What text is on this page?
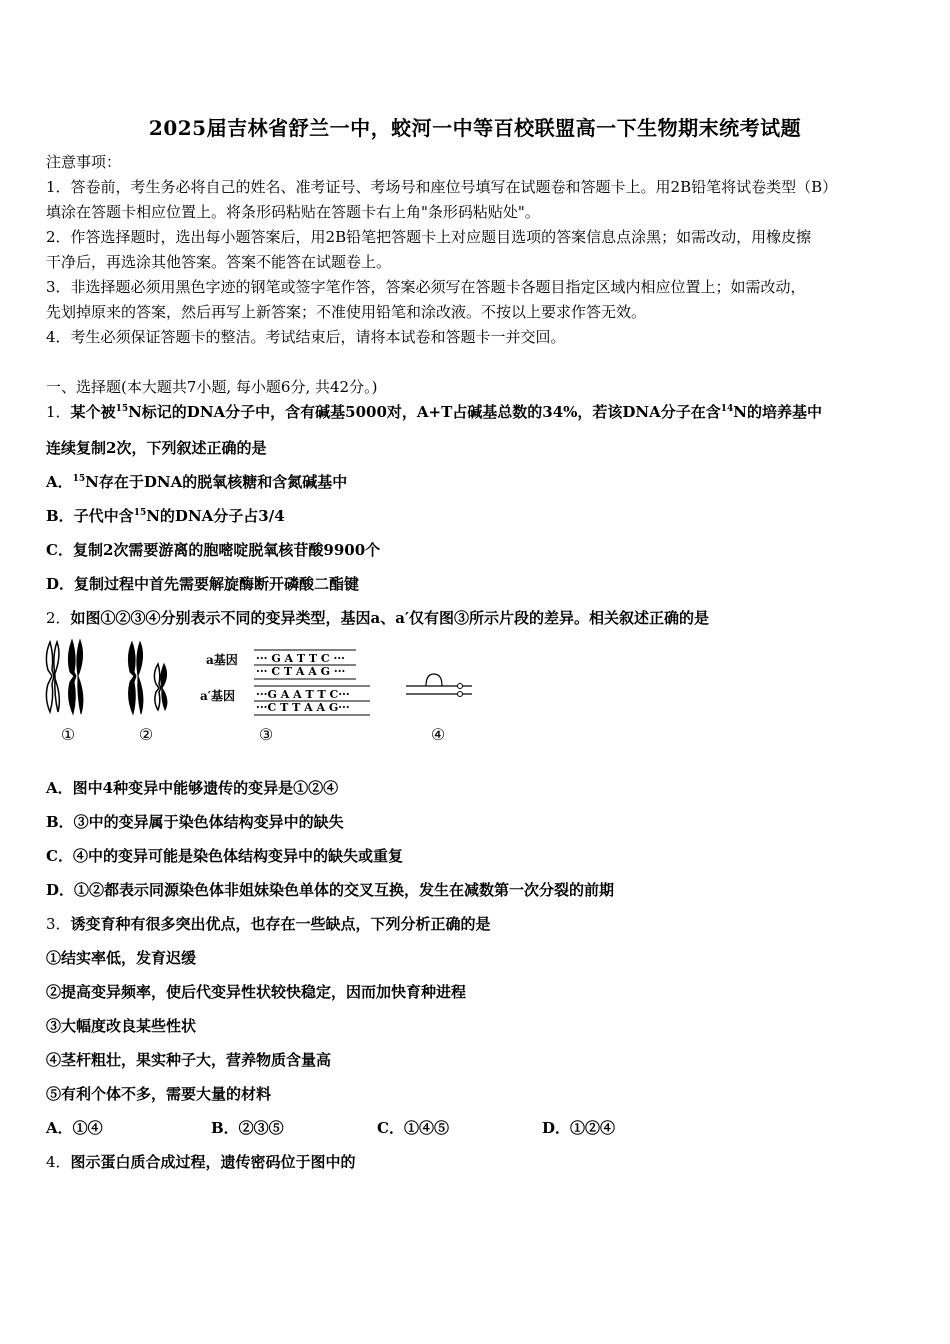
2025届吉林省舒兰一中，蛟河一中等百校联盟高一下生物期末统考试题
注意事项：
1．答卷前，考生务必将自己的姓名、准考证号、考场号和座位号填写在试题卷和答题卡上。用2B铅笔将试卷类型（B）
填涂在答题卡相应位置上。将条形码粘贴在答题卡右上角"条形码粘贴处"。
2．作答选择题时，选出每小题答案后，用2B铅笔把答题卡上对应题目选项的答案信息点涂黑；如需改动，用橡皮擦
干净后，再选涂其他答案。答案不能答在试题卷上。
3．非选择题必须用黑色字迹的钢笔或签字笔作答，答案必须写在答题卡各题目指定区域内相应位置上；如需改动，
先划掉原来的答案，然后再写上新答案；不准使用铅笔和涂改液。不按以上要求作答无效。
4．考生必须保证答题卡的整洁。考试结束后，请将本试卷和答题卡一并交回。
一、选择题(本大题共7小题, 每小题6分, 共42分。)
1．某个被$^{15}$N标记的DNA分子中，含有碱基5000对，A+T占碱基总数的34%，若该DNA分子在含$^{14}$N的培养基中
连续复制2次，下列叙述正确的是
A．$^{15}$N存在于DNA的脱氧核糖和含氮碱基中
B．子代中含$^{15}$N的DNA分子占3/4
C．复制2次需要游离的胞嘧啶脱氧核苷酸9900个
D．复制过程中首先需要解旋酶断开磷酸二酯键
2．如图①②③④分别表示不同的变异类型，基因a、a′仅有图③所示片段的差异。相关叙述正确的是
①	②
a基因 ··· G A T T C ···
··· C T A A G ···
a′基因 ···G A A T T C···
···C T T A A G···
③	④
A．图中4种变异中能够遗传的变异是①②④
B．③中的变异属于染色体结构变异中的缺失
C．④中的变异可能是染色体结构变异中的缺失或重复
D．①②都表示同源染色体非姐妹染色单体的交叉互换，发生在减数第一次分裂的前期
3．诱变育种有很多突出优点，也存在一些缺点，下列分析正确的是
①结实率低，发育迟缓
②提高变异频率，使后代变异性状较快稳定，因而加快育种进程
③大幅度改良某些性状
④茎杆粗壮，果实种子大，营养物质含量高
⑤有利个体不多，需要大量的材料
A．①④	B．②③⑤	C．①④⑤	D．①②④
4．图示蛋白质合成过程，遗传密码位于图中的
